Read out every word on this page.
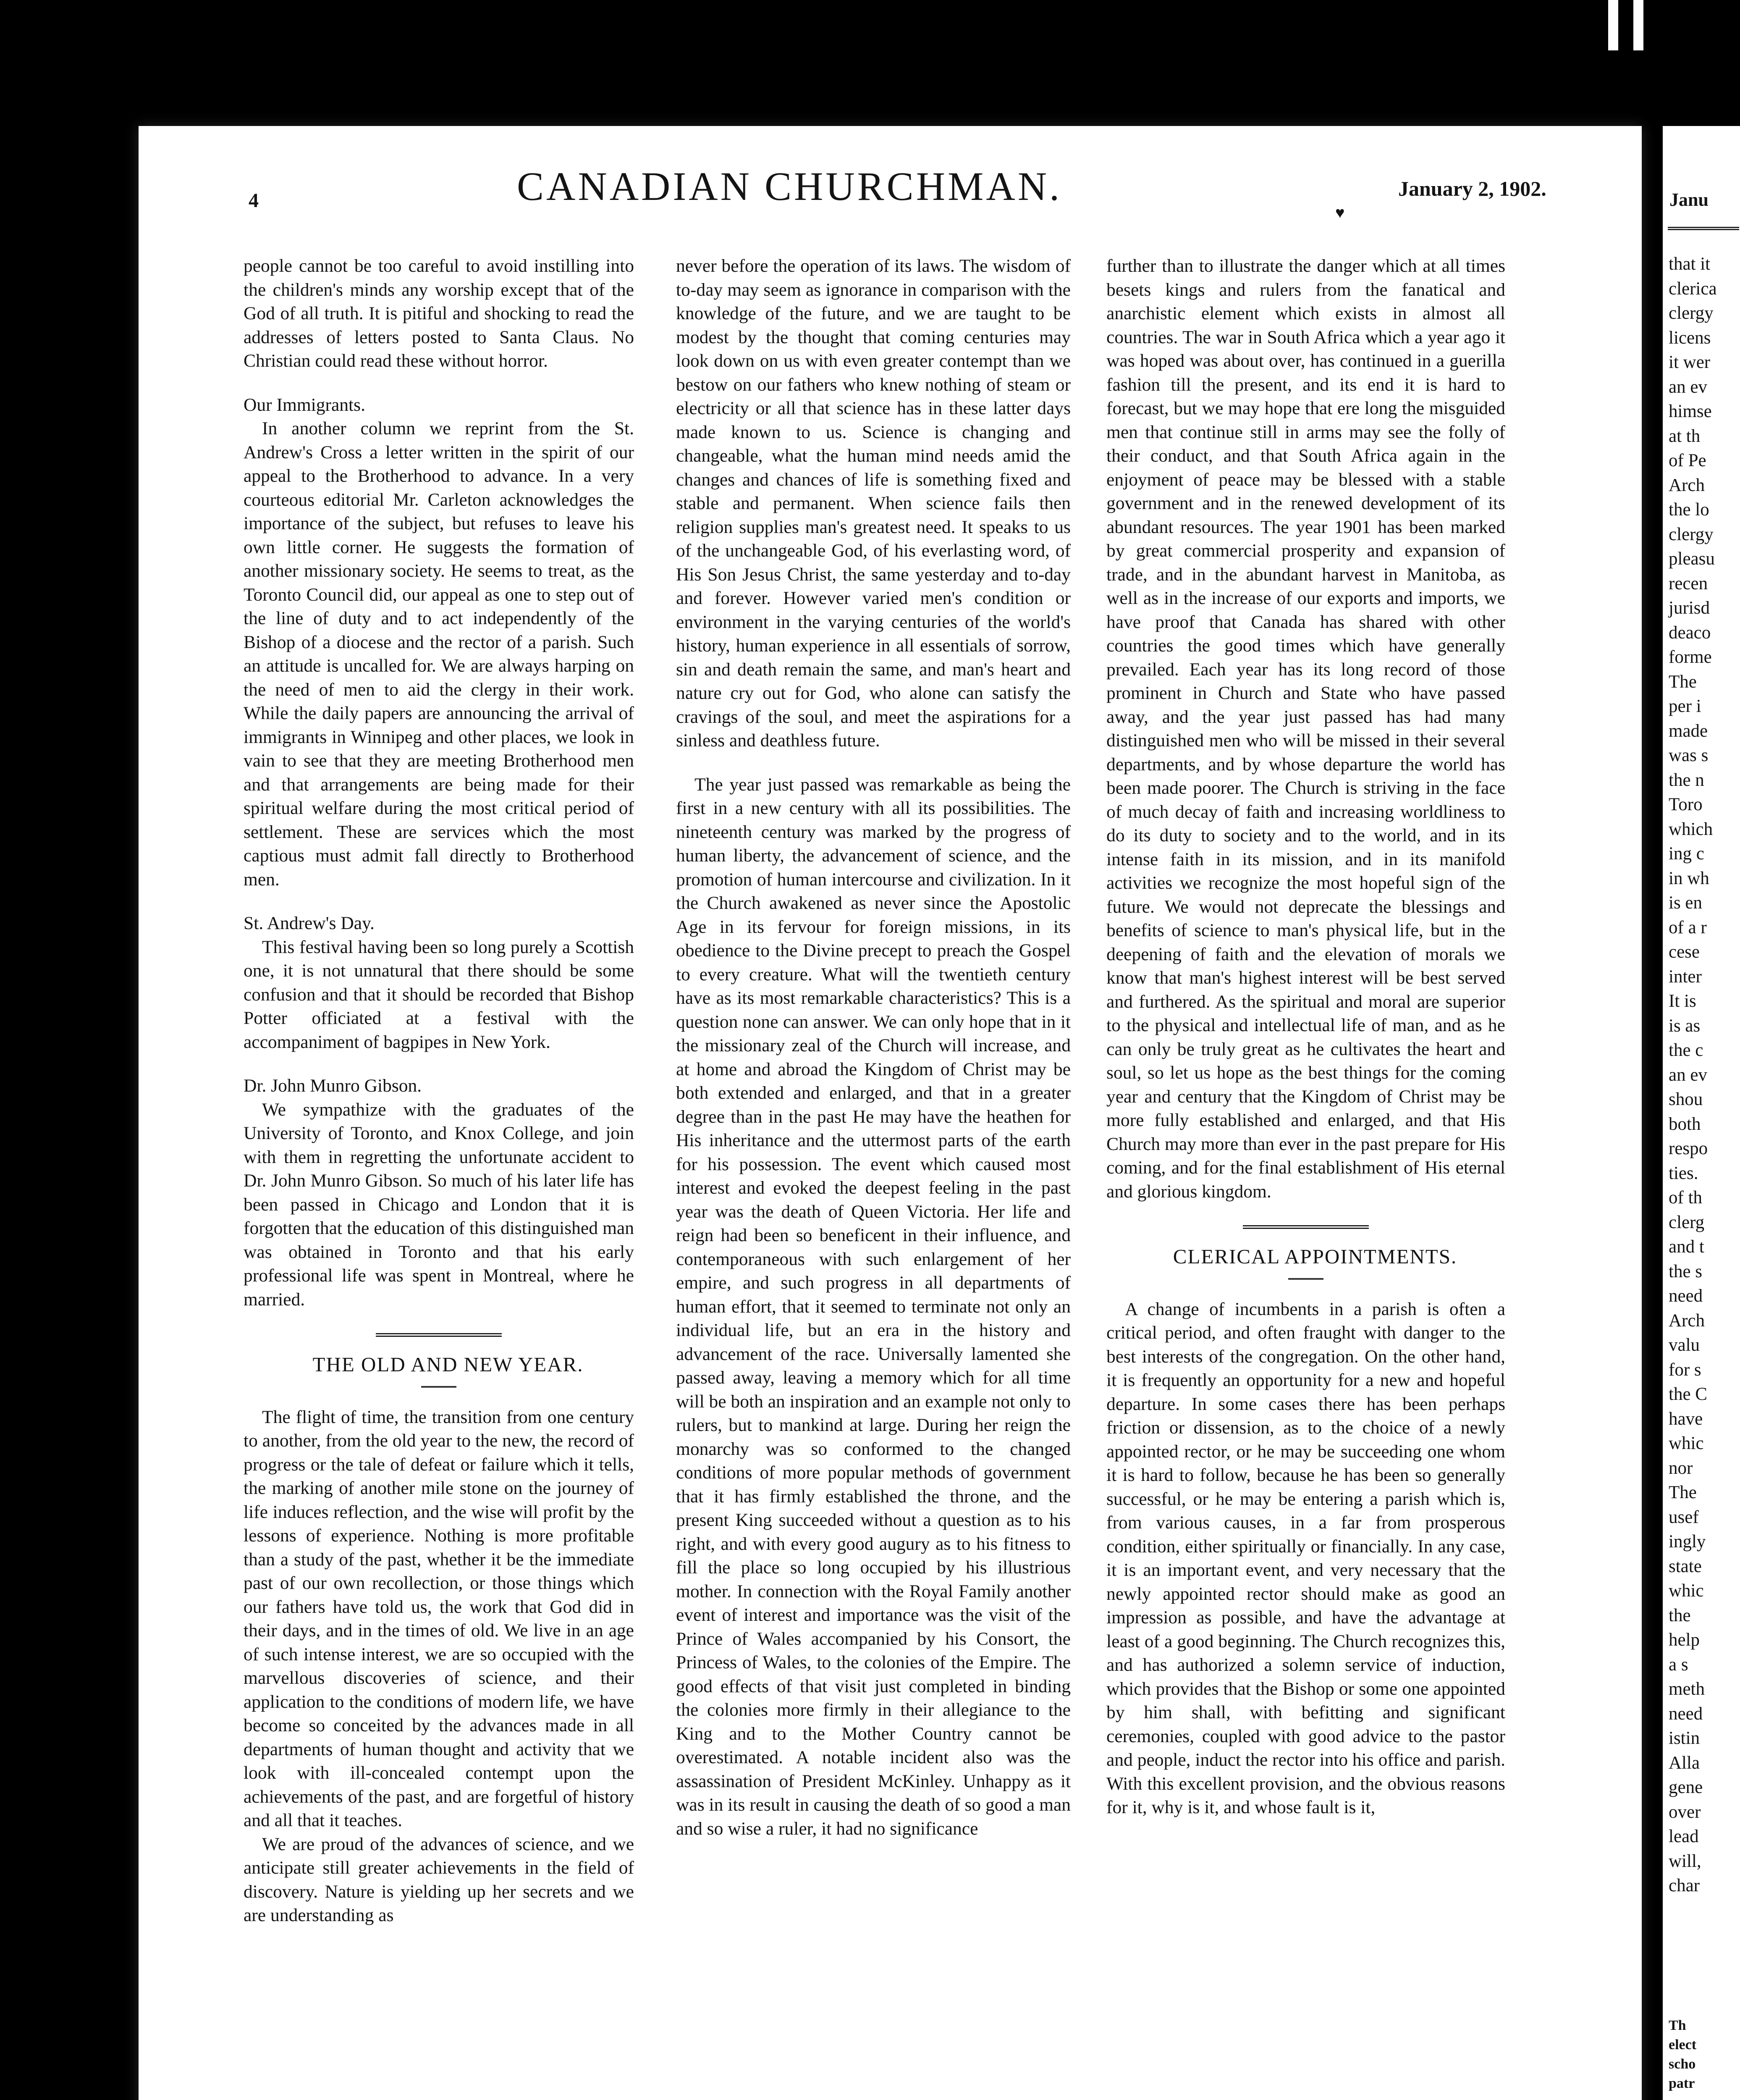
4	CANADIAN CHURCHMAN.	January 2, 1902.
♥

people cannot be too careful to avoid instilling into the children's minds any worship except that of the God of all truth. It is pitiful and shocking to read the addresses of letters posted to Santa Claus. No Christian could read these without horror.

Our Immigrants.

In another column we reprint from the St. Andrew's Cross a letter written in the spirit of our appeal to the Brotherhood to advance. In a very courteous editorial Mr. Carleton acknowledges the importance of the subject, but refuses to leave his own little corner. He suggests the formation of another missionary society. He seems to treat, as the Toronto Council did, our appeal as one to step out of the line of duty and to act independently of the Bishop of a diocese and the rector of a parish. Such an attitude is uncalled for. We are always harping on the need of men to aid the clergy in their work. While the daily papers are announcing the arrival of immigrants in Winnipeg and other places, we look in vain to see that they are meeting Brotherhood men and that arrangements are being made for their spiritual welfare during the most critical period of settlement. These are services which the most captious must admit fall directly to Brotherhood men.

St. Andrew's Day.

This festival having been so long purely a Scottish one, it is not unnatural that there should be some confusion and that it should be recorded that Bishop Potter officiated at a festival with the accompaniment of bagpipes in New York.

Dr. John Munro Gibson.

We sympathize with the graduates of the University of Toronto, and Knox College, and join with them in regretting the unfortunate accident to Dr. John Munro Gibson. So much of his later life has been passed in Chicago and London that it is forgotten that the education of this distinguished man was obtained in Toronto and that his early professional life was spent in Montreal, where he married.

THE OLD AND NEW YEAR.

The flight of time, the transition from one century to another, from the old year to the new, the record of progress or the tale of defeat or failure which it tells, the marking of another mile stone on the journey of life induces reflection, and the wise will profit by the lessons of experience. Nothing is more profitable than a study of the past, whether it be the immediate past of our own recollection, or those things which our fathers have told us, the work that God did in their days, and in the times of old. We live in an age of such intense interest, we are so occupied with the marvellous discoveries of science, and their application to the conditions of modern life, we have become so conceited by the advances made in all departments of human thought and activity that we look with ill-concealed contempt upon the achievements of the past, and are forgetful of history and all that it teaches.

We are proud of the advances of science, and we anticipate still greater achievements in the field of discovery. Nature is yielding up her secrets and we are understanding as

never before the operation of its laws. The wisdom of to-day may seem as ignorance in comparison with the knowledge of the future, and we are taught to be modest by the thought that coming centuries may look down on us with even greater contempt than we bestow on our fathers who knew nothing of steam or electricity or all that science has in these latter days made known to us. Science is changing and changeable, what the human mind needs amid the changes and chances of life is something fixed and stable and permanent. When science fails then religion supplies man's greatest need. It speaks to us of the unchangeable God, of his everlasting word, of His Son Jesus Christ, the same yesterday and to-day and forever. However varied men's condition or environment in the varying centuries of the world's history, human experience in all essentials of sorrow, sin and death remain the same, and man's heart and nature cry out for God, who alone can satisfy the cravings of the soul, and meet the aspirations for a sinless and deathless future.

The year just passed was remarkable as being the first in a new century with all its possibilities. The nineteenth century was marked by the progress of human liberty, the advancement of science, and the promotion of human intercourse and civilization. In it the Church awakened as never since the Apostolic Age in its fervour for foreign missions, in its obedience to the Divine precept to preach the Gospel to every creature. What will the twentieth century have as its most remarkable characteristics? This is a question none can answer. We can only hope that in it the missionary zeal of the Church will increase, and at home and abroad the Kingdom of Christ may be both extended and enlarged, and that in a greater degree than in the past He may have the heathen for His inheritance and the uttermost parts of the earth for his possession. The event which caused most interest and evoked the deepest feeling in the past year was the death of Queen Victoria. Her life and reign had been so beneficent in their influence, and contemporaneous with such enlargement of her empire, and such progress in all departments of human effort, that it seemed to terminate not only an individual life, but an era in the history and advancement of the race. Universally lamented she passed away, leaving a memory which for all time will be both an inspiration and an example not only to rulers, but to mankind at large. During her reign the monarchy was so conformed to the changed conditions of more popular methods of government that it has firmly established the throne, and the present King succeeded without a question as to his right, and with every good augury as to his fitness to fill the place so long occupied by his illustrious mother. In connection with the Royal Family another event of interest and importance was the visit of the Prince of Wales accompanied by his Consort, the Princess of Wales, to the colonies of the Empire. The good effects of that visit just completed in binding the colonies more firmly in their allegiance to the King and to the Mother Country cannot be overestimated. A notable incident also was the assassination of President McKinley. Unhappy as it was in its result in causing the death of so good a man and so wise a ruler, it had no significance

further than to illustrate the danger which at all times besets kings and rulers from the fanatical and anarchistic element which exists in almost all countries. The war in South Africa which a year ago it was hoped was about over, has continued in a guerilla fashion till the present, and its end it is hard to forecast, but we may hope that ere long the misguided men that continue still in arms may see the folly of their conduct, and that South Africa again in the enjoyment of peace may be blessed with a stable government and in the renewed development of its abundant resources. The year 1901 has been marked by great commercial prosperity and expansion of trade, and in the abundant harvest in Manitoba, as well as in the increase of our exports and imports, we have proof that Canada has shared with other countries the good times which have generally prevailed. Each year has its long record of those prominent in Church and State who have passed away, and the year just passed has had many distinguished men who will be missed in their several departments, and by whose departure the world has been made poorer. The Church is striving in the face of much decay of faith and increasing worldliness to do its duty to society and to the world, and in its intense faith in its mission, and in its manifold activities we recognize the most hopeful sign of the future. We would not deprecate the blessings and benefits of science to man's physical life, but in the deepening of faith and the elevation of morals we know that man's highest interest will be best served and furthered. As the spiritual and moral are superior to the physical and intellectual life of man, and as he can only be truly great as he cultivates the heart and soul, so let us hope as the best things for the coming year and century that the Kingdom of Christ may be more fully established and enlarged, and that His Church may more than ever in the past prepare for His coming, and for the final establishment of His eternal and glorious kingdom.

CLERICAL APPOINTMENTS.

A change of incumbents in a parish is often a critical period, and often fraught with danger to the best interests of the congregation. On the other hand, it is frequently an opportunity for a new and hopeful departure. In some cases there has been perhaps friction or dissension, as to the choice of a newly appointed rector, or he may be succeeding one whom it is hard to follow, because he has been so generally successful, or he may be entering a parish which is, from various causes, in a far from prosperous condition, either spiritually or financially. In any case, it is an important event, and very necessary that the newly appointed rector should make as good an impression as possible, and have the advantage at least of a good beginning. The Church recognizes this, and has authorized a solemn service of induction, which provides that the Bishop or some one appointed by him shall, with befitting and significant ceremonies, coupled with good advice to the pastor and people, induct the rector into his office and parish. With this excellent provision, and the obvious reasons for it, why is it, and whose fault is it,

Janu
that it
clerica
clergy
licens
it wer
an ev
himse
at th
of Pe
Arch
the lo
clergy
pleasu
recen
jurisd
deaco
forme
The
per i
made
was s
the n
Toro
which
ing c
in wh
is en
of a r
cese
inter
It is
is as
the c
an ev
shou
both
respo
ties.
of th
clerg
and t
the s
need
Arch
valu
for s
the C
have
whic
nor
The
usef
ingly
state
whic
the
help
a s
meth
need
istin
Alla
gene
over
lead
will,
char
Th
elect
scho
patr
